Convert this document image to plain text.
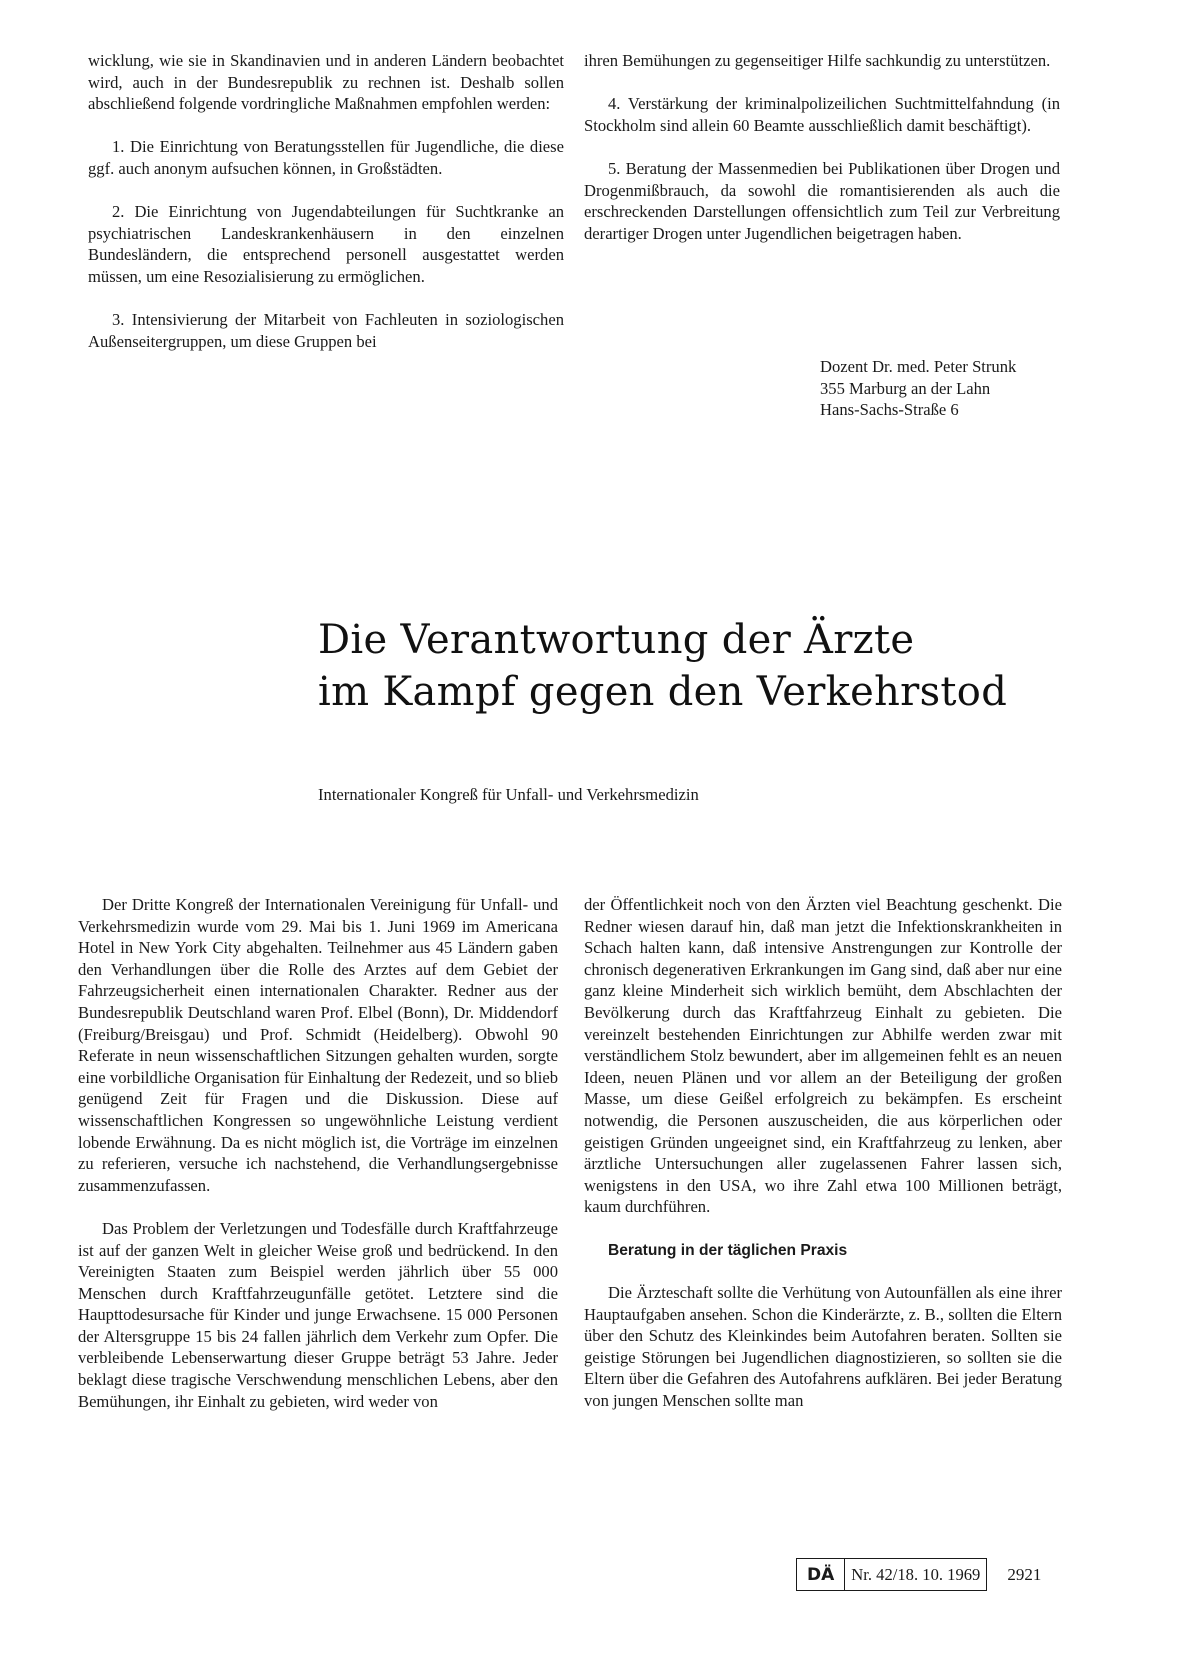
wicklung, wie sie in Skandinavien und in anderen Ländern beobachtet wird, auch in der Bundesrepublik zu rechnen ist. Deshalb sollen abschließend folgende vordringliche Maßnahmen empfohlen werden:

1. Die Einrichtung von Beratungsstellen für Jugendliche, die diese ggf. auch anonym aufsuchen können, in Großstädten.

2. Die Einrichtung von Jugendabteilungen für Suchtkranke an psychiatrischen Landeskrankenhäusern in den einzelnen Bundesländern, die entsprechend personell ausgestattet werden müssen, um eine Resozialisierung zu ermöglichen.

3. Intensivierung der Mitarbeit von Fachleuten in soziologischen Außenseitergruppen, um diese Gruppen bei

ihren Bemühungen zu gegenseitiger Hilfe sachkundig zu unterstützen.

4. Verstärkung der kriminalpolizeilichen Suchtmittelfahndung (in Stockholm sind allein 60 Beamte ausschließlich damit beschäftigt).

5. Beratung der Massenmedien bei Publikationen über Drogen und Drogenmißbrauch, da sowohl die romantisierenden als auch die erschreckenden Darstellungen offensichtlich zum Teil zur Verbreitung derartiger Drogen unter Jugendlichen beigetragen haben.

Dozent Dr. med. Peter Strunk
355 Marburg an der Lahn
Hans-Sachs-Straße 6
Die Verantwortung der Ärzte
im Kampf gegen den Verkehrstod
Internationaler Kongreß für Unfall- und Verkehrsmedizin

Der Dritte Kongreß der Internationalen Vereinigung für Unfall- und Verkehrsmedizin wurde vom 29. Mai bis 1. Juni 1969 im Americana Hotel in New York City abgehalten. Teilnehmer aus 45 Ländern gaben den Verhandlungen über die Rolle des Arztes auf dem Gebiet der Fahrzeugsicherheit einen internationalen Charakter. Redner aus der Bundesrepublik Deutschland waren Prof. Elbel (Bonn), Dr. Middendorf (Freiburg/Breisgau) und Prof. Schmidt (Heidelberg). Obwohl 90 Referate in neun wissenschaftlichen Sitzungen gehalten wurden, sorgte eine vorbildliche Organisation für Einhaltung der Redezeit, und so blieb genügend Zeit für Fragen und die Diskussion. Diese auf wissenschaftlichen Kongressen so ungewöhnliche Leistung verdient lobende Erwähnung. Da es nicht möglich ist, die Vorträge im einzelnen zu referieren, versuche ich nachstehend, die Verhandlungsergebnisse zusammenzufassen.

Das Problem der Verletzungen und Todesfälle durch Kraftfahrzeuge ist auf der ganzen Welt in gleicher Weise groß und bedrückend. In den Vereinigten Staaten zum Beispiel werden jährlich über 55 000 Menschen durch Kraftfahrzeugunfälle getötet. Letztere sind die Haupttodesursache für Kinder und junge Erwachsene. 15 000 Personen der Altersgruppe 15 bis 24 fallen jährlich dem Verkehr zum Opfer. Die verbleibende Lebenserwartung dieser Gruppe beträgt 53 Jahre. Jeder beklagt diese tragische Verschwendung menschlichen Lebens, aber den Bemühungen, ihr Einhalt zu gebieten, wird weder von

der Öffentlichkeit noch von den Ärzten viel Beachtung geschenkt. Die Redner wiesen darauf hin, daß man jetzt die Infektionskrankheiten in Schach halten kann, daß intensive Anstrengungen zur Kontrolle der chronisch degenerativen Erkrankungen im Gang sind, daß aber nur eine ganz kleine Minderheit sich wirklich bemüht, dem Abschlachten der Bevölkerung durch das Kraftfahrzeug Einhalt zu gebieten. Die vereinzelt bestehenden Einrichtungen zur Abhilfe werden zwar mit verständlichem Stolz bewundert, aber im allgemeinen fehlt es an neuen Ideen, neuen Plänen und vor allem an der Beteiligung der großen Masse, um diese Geißel erfolgreich zu bekämpfen. Es erscheint notwendig, die Personen auszuscheiden, die aus körperlichen oder geistigen Gründen ungeeignet sind, ein Kraftfahrzeug zu lenken, aber ärztliche Untersuchungen aller zugelassenen Fahrer lassen sich, wenigstens in den USA, wo ihre Zahl etwa 100 Millionen beträgt, kaum durchführen.

Beratung in der täglichen Praxis

Die Ärzteschaft sollte die Verhütung von Autounfällen als eine ihrer Hauptaufgaben ansehen. Schon die Kinderärzte, z. B., sollten die Eltern über den Schutz des Kleinkindes beim Autofahren beraten. Sollten sie geistige Störungen bei Jugendlichen diagnostizieren, so sollten sie die Eltern über die Gefahren des Autofahrens aufklären. Bei jeder Beratung von jungen Menschen sollte man

DÄ	Nr. 42/18. 10. 1969	2921
